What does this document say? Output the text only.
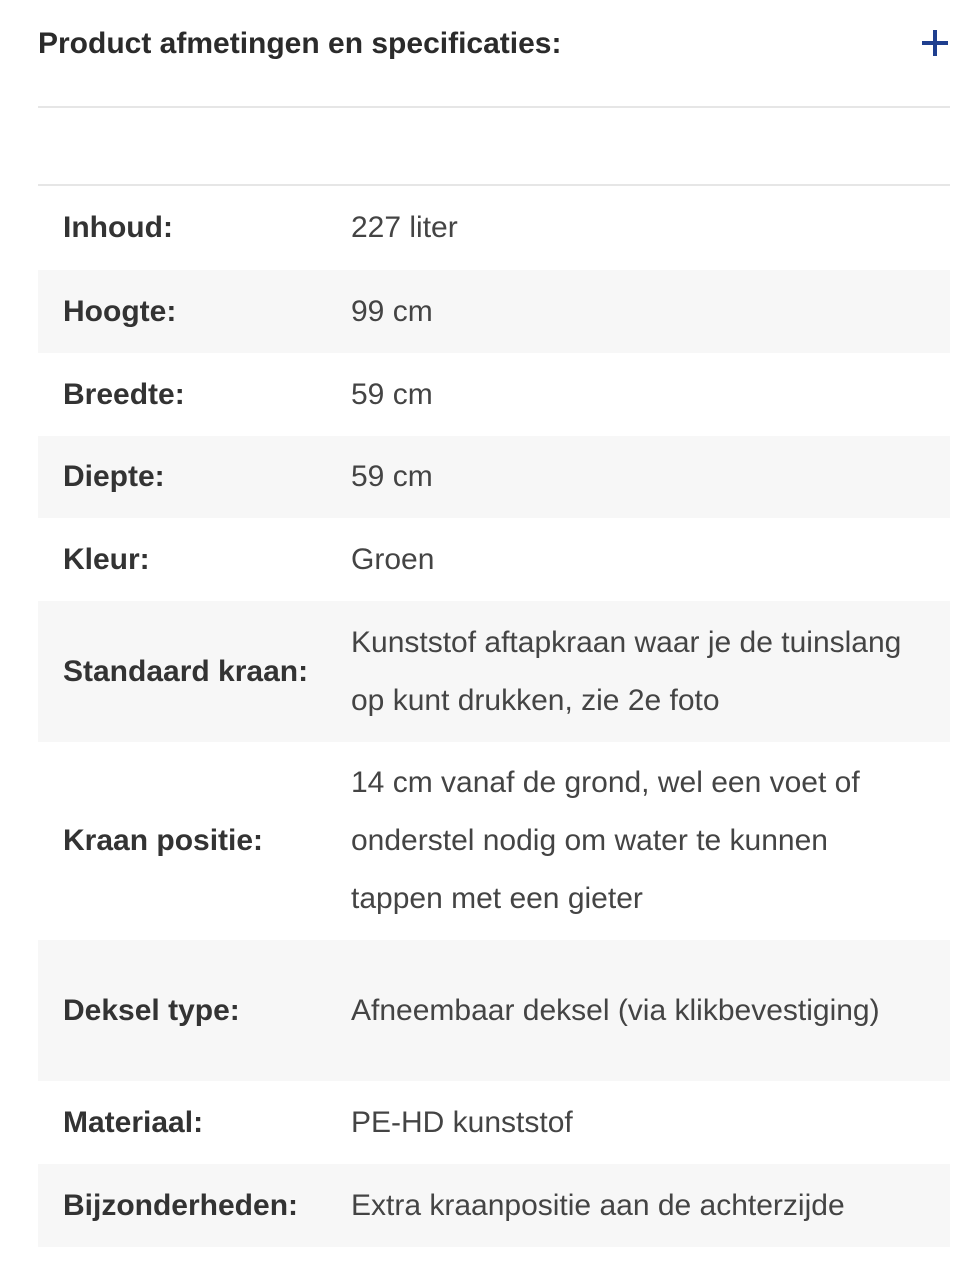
Product afmetingen en specificaties:
Inhoud:	227 liter
Hoogte:	99 cm
Breedte:	59 cm
Diepte:	59 cm
Kleur:	Groen
Standaard kraan:
Kunststof aftapkraan waar je de tuinslang op kunt drukken, zie 2e foto
Kraan positie:
14 cm vanaf de grond, wel een voet of onderstel nodig om water te kunnen tappen met een gieter
Deksel type:	Afneembaar deksel (via klikbevestiging)
Materiaal:	PE-HD kunststof
Bijzonderheden:	Extra kraanpositie aan de achterzijde
